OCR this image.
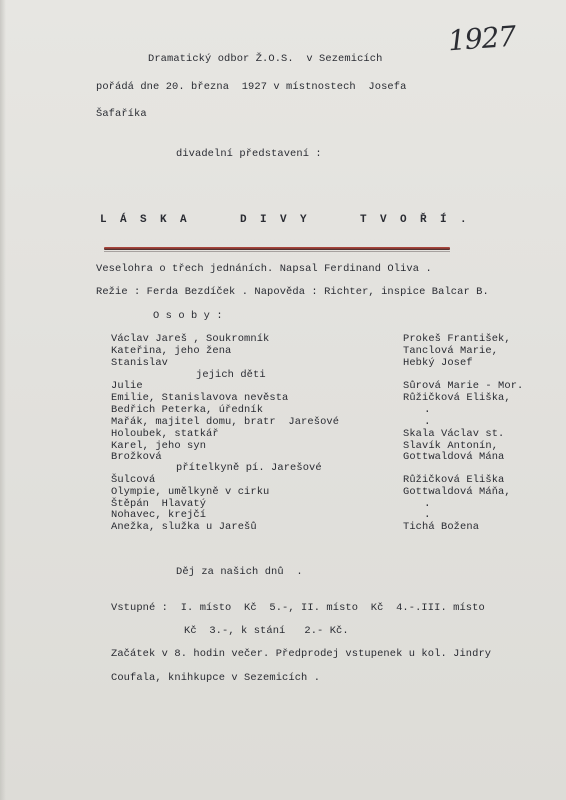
1927
Dramatický odbor Ž.O.S.  v Sezemicích
pořádá dne 20. března  1927 v místnostech  Josefa
Šafaříka
divadelní představení :
LÁSKA  DIVY  TVOŘÍ.
Veselohra o třech jednáních. Napsal Ferdinand Oliva .
Režie : Ferda Bezdíček . Napověda : Richter, inspice Balcar B.
O s o b y :
Václav Jareš , Soukromník
Kateřina, jeho žena
Stanislav
jejich děti
Julie
Emilie, Stanislavova nevěsta
Bedřich Peterka, úředník
Mařák, majitel domu, bratr  Jarešové
Holoubek, statkář
Karel, jeho syn
Brožková
přítelkyně pí. Jarešové
Šulcová
Olympie, umělkyně v cirku
Štěpán  Hlavatý
Nohavec, krejčí
Anežka, služka u Jarešů
Prokeš František,
Tanclová Marie,
Hebký Josef
Sůrová Marie - Mor.
Růžičková Eliška,
.
.
Skala Václav st.
Slavík Antonín,
Gottwaldová Mána
Růžičková Eliška
Gottwaldová Máňa,
.
.
Tichá Božena
Děj za našich dnů  .
Vstupné :  I. místo  Kč  5.-, II. místo  Kč  4.-.III. místo
Kč  3.-, k stání   2.- Kč.
Začátek v 8. hodin večer. Předprodej vstupenek u kol. Jindry
Coufala, knihkupce v Sezemicích .
